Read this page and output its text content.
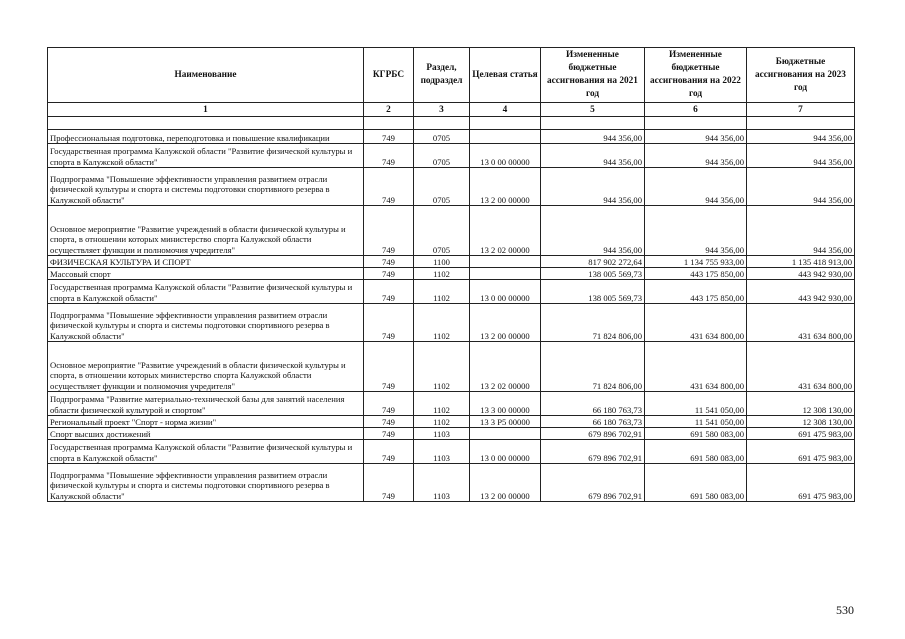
Наименование	КГРБС	Раздел, подраздел	Целевая статья	Измененные бюджетные ассигнования на 2021 год	Измененные бюджетные ассигнования на 2022 год	Бюджетные ассигнования на 2023 год
1	2	3	4	5	6	7

Профессиональная подготовка, переподготовка и повышение квалификации	749	0705		944 356,00	944 356,00	944 356,00
Государственная программа Калужской области "Развитие физической культуры и спорта в Калужской области"	749	0705	13 0 00 00000	944 356,00	944 356,00	944 356,00
Подпрограмма "Повышение эффективности управления развитием отрасли физической культуры и спорта и системы подготовки спортивного резерва в Калужской области"	749	0705	13 2 00 00000	944 356,00	944 356,00	944 356,00
Основное мероприятие "Развитие учреждений в области физической культуры и спорта, в отношении которых министерство спорта Калужской области осуществляет функции и полномочия учредителя"	749	0705	13 2 02 00000	944 356,00	944 356,00	944 356,00
ФИЗИЧЕСКАЯ КУЛЬТУРА И СПОРТ	749	1100		817 902 272,64	1 134 755 933,00	1 135 418 913,00
Массовый спорт	749	1102		138 005 569,73	443 175 850,00	443 942 930,00
Государственная программа Калужской области "Развитие физической культуры и спорта в Калужской области"	749	1102	13 0 00 00000	138 005 569,73	443 175 850,00	443 942 930,00
Подпрограмма "Повышение эффективности управления развитием отрасли физической культуры и спорта и системы подготовки спортивного резерва в Калужской области"	749	1102	13 2 00 00000	71 824 806,00	431 634 800,00	431 634 800,00
Основное мероприятие "Развитие учреждений в области физической культуры и спорта, в отношении которых министерство спорта Калужской области осуществляет функции и полномочия учредителя"	749	1102	13 2 02 00000	71 824 806,00	431 634 800,00	431 634 800,00
Подпрограмма "Развитие материально-технической базы для занятий населения области физической культурой и спортом"	749	1102	13 3 00 00000	66 180 763,73	11 541 050,00	12 308 130,00
Региональный проект "Спорт - норма жизни"	749	1102	13 3 P5 00000	66 180 763,73	11 541 050,00	12 308 130,00
Спорт высших достижений	749	1103		679 896 702,91	691 580 083,00	691 475 983,00
Государственная программа Калужской области "Развитие физической культуры и спорта в Калужской области"	749	1103	13 0 00 00000	679 896 702,91	691 580 083,00	691 475 983,00
Подпрограмма "Повышение эффективности управления развитием отрасли физической культуры и спорта и системы подготовки спортивного резерва в Калужской области"	749	1103	13 2 00 00000	679 896 702,91	691 580 083,00	691 475 983,00
530
